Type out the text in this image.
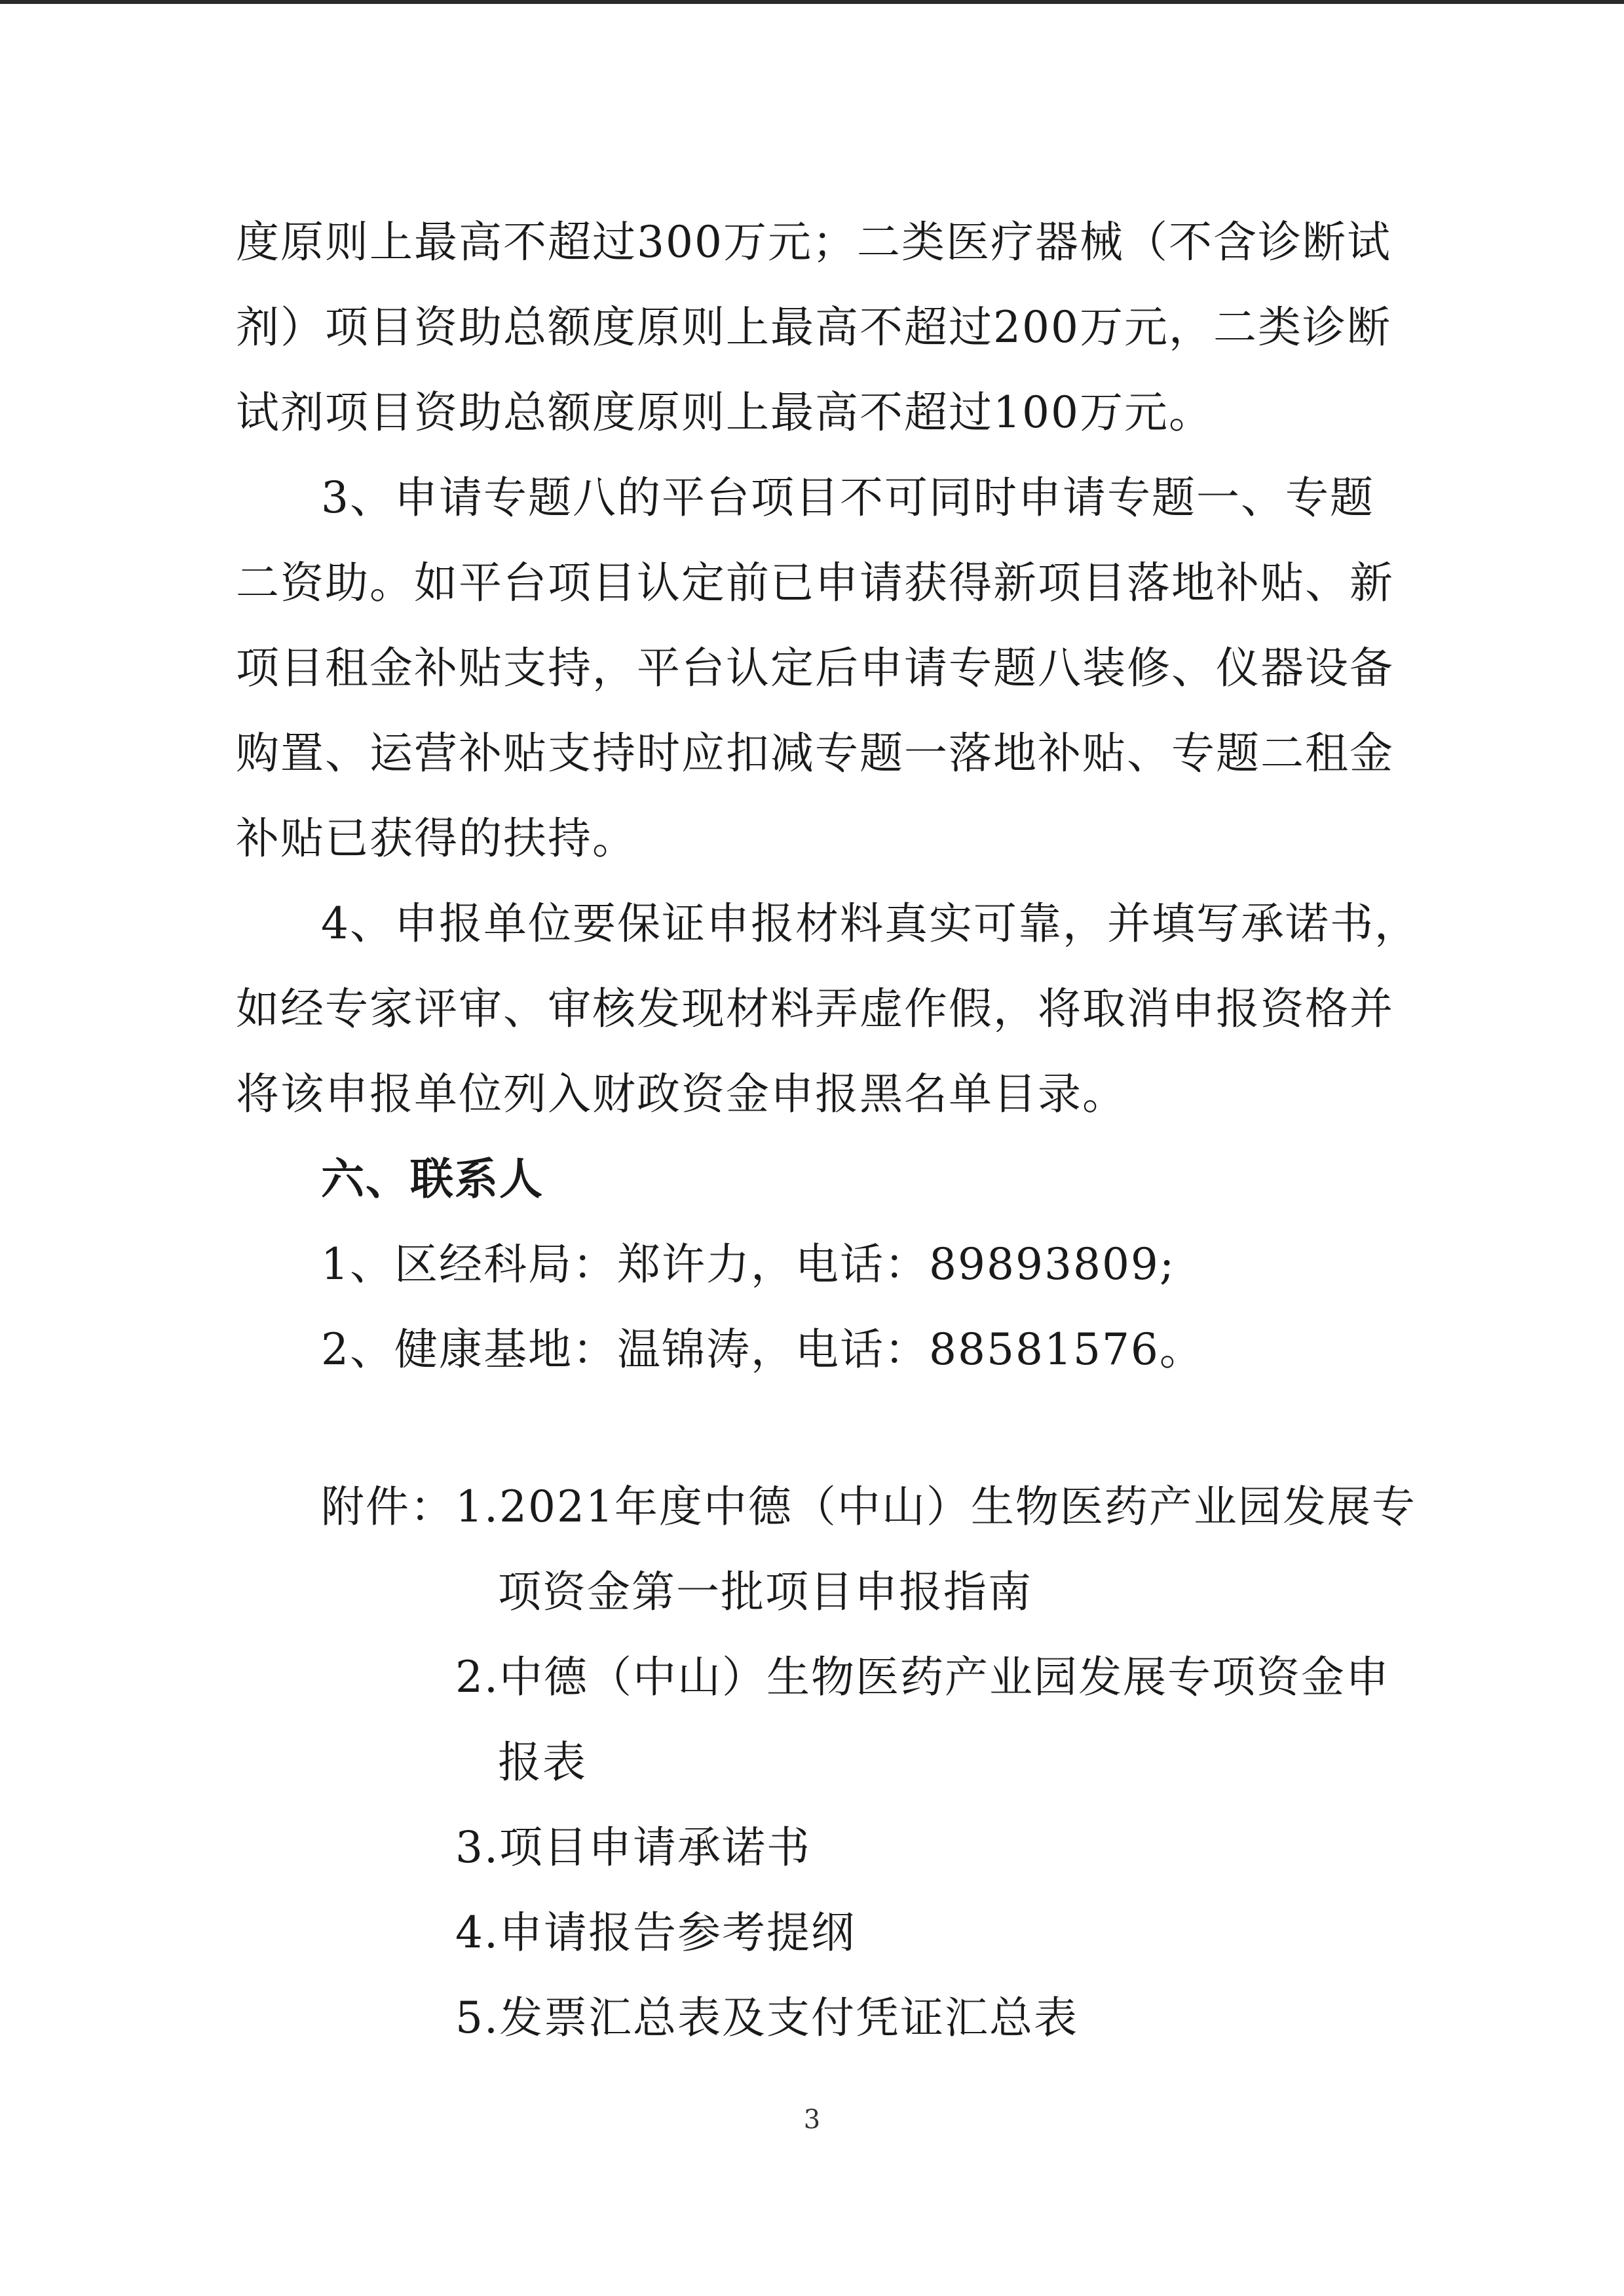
度原则上最高不超过300万元；二类医疗器械（不含诊断试
剂）项目资助总额度原则上最高不超过200万元，二类诊断
试剂项目资助总额度原则上最高不超过100万元。
3、申请专题八的平台项目不可同时申请专题一、专题
二资助。如平台项目认定前已申请获得新项目落地补贴、新
项目租金补贴支持，平台认定后申请专题八装修、仪器设备
购置、运营补贴支持时应扣减专题一落地补贴、专题二租金
补贴已获得的扶持。
4、申报单位要保证申报材料真实可靠，并填写承诺书，
如经专家评审、审核发现材料弄虚作假，将取消申报资格并
将该申报单位列入财政资金申报黑名单目录。
六、联系人
1、区经科局：郑许力，电话：89893809;
2、健康基地：温锦涛，电话：88581576。
附件：1.2021年度中德（中山）生物医药产业园发展专
项资金第一批项目申报指南
2.中德（中山）生物医药产业园发展专项资金申
报表
3.项目申请承诺书
4.申请报告参考提纲
5.发票汇总表及支付凭证汇总表
3
